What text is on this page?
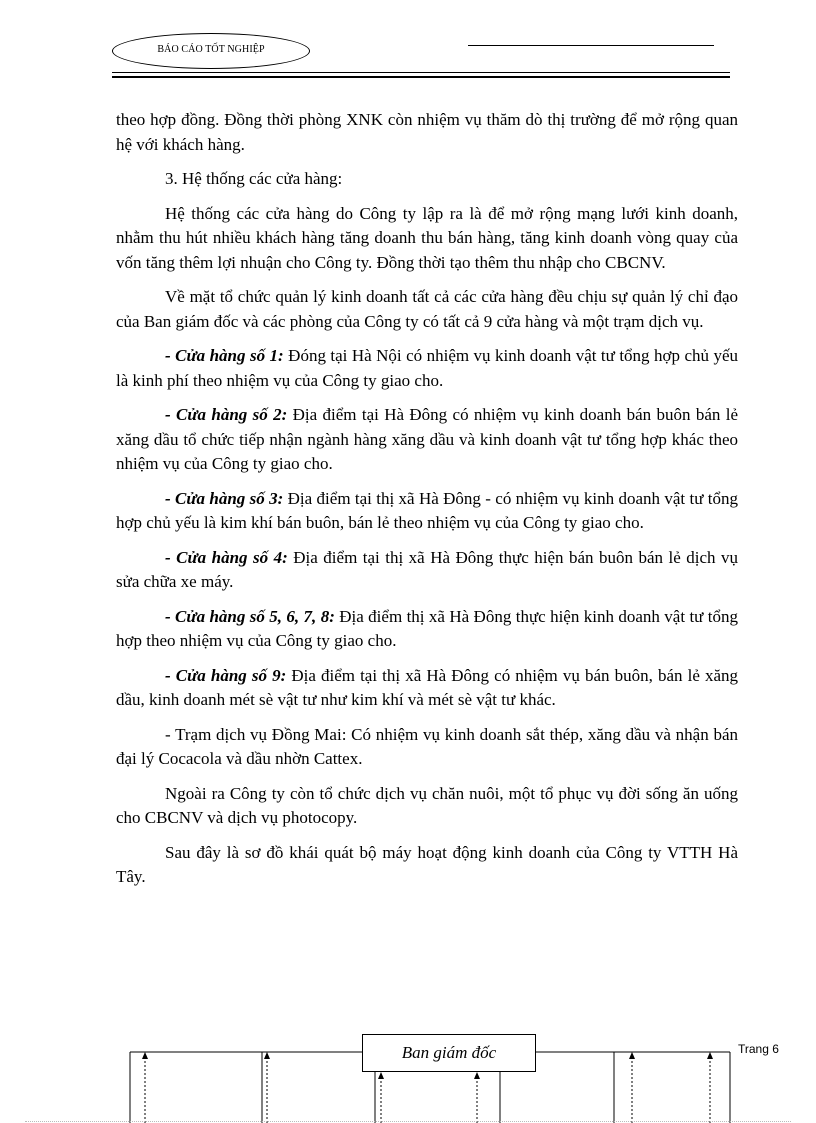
BÁO CÁO TỐT NGHIỆP

theo hợp đồng. Đồng thời phòng XNK còn nhiệm vụ thăm dò thị trường để mở rộng quan hệ với khách hàng.

3. Hệ thống các cửa hàng:

Hệ thống các cửa hàng do Công ty lập ra là để mở rộng mạng lưới kinh doanh, nhằm thu hút nhiều khách hàng tăng doanh thu bán hàng, tăng kinh doanh vòng quay của vốn tăng thêm lợi nhuận cho Công ty. Đồng thời tạo thêm thu nhập cho CBCNV.

Về mặt tổ chức quản lý kinh doanh tất cả các cửa hàng đều chịu sự quản lý chỉ đạo của Ban giám đốc và các phòng của Công ty có tất cả 9 cửa hàng và một trạm dịch vụ.

- Cửa hàng số 1: Đóng tại Hà Nội có nhiệm vụ kinh doanh vật tư tổng hợp chủ yếu là kinh phí theo nhiệm vụ của Công ty giao cho.

- Cửa hàng số 2: Địa điểm tại Hà Đông có nhiệm vụ kinh doanh bán buôn bán lẻ xăng dầu tổ chức tiếp nhận ngành hàng xăng dầu và kinh doanh vật tư tổng hợp khác theo nhiệm vụ của Công ty giao cho.

- Cửa hàng số 3: Địa điểm tại thị xã Hà Đông - có nhiệm vụ kinh doanh vật tư tổng hợp chủ yếu là kim khí bán buôn, bán lẻ theo nhiệm vụ của Công ty giao cho.

- Cửa hàng số 4: Địa điểm tại thị xã Hà Đông thực hiện bán buôn bán lẻ dịch vụ sửa chữa xe máy.

- Cửa hàng số 5, 6, 7, 8: Địa điểm thị xã Hà Đông thực hiện kinh doanh vật tư tổng hợp theo nhiệm vụ của Công ty giao cho.

- Cửa hàng số 9: Địa điểm tại thị xã Hà Đông có nhiệm vụ bán buôn, bán lẻ xăng dầu, kinh doanh mét sè vật tư như kim khí và mét sè vật tư khác.

- Trạm dịch vụ Đồng Mai: Có nhiệm vụ kinh doanh sắt thép, xăng dầu và nhận bán đại lý Cocacola và dầu nhờn Cattex.

Ngoài ra Công ty còn tổ chức dịch vụ chăn nuôi, một tổ phục vụ đời sống ăn uống cho CBCNV và dịch vụ photocopy.

Sau đây là sơ đồ khái quát bộ máy hoạt động kinh doanh của Công ty VTTH Hà Tây.

Ban giám đốc	Trang 6
